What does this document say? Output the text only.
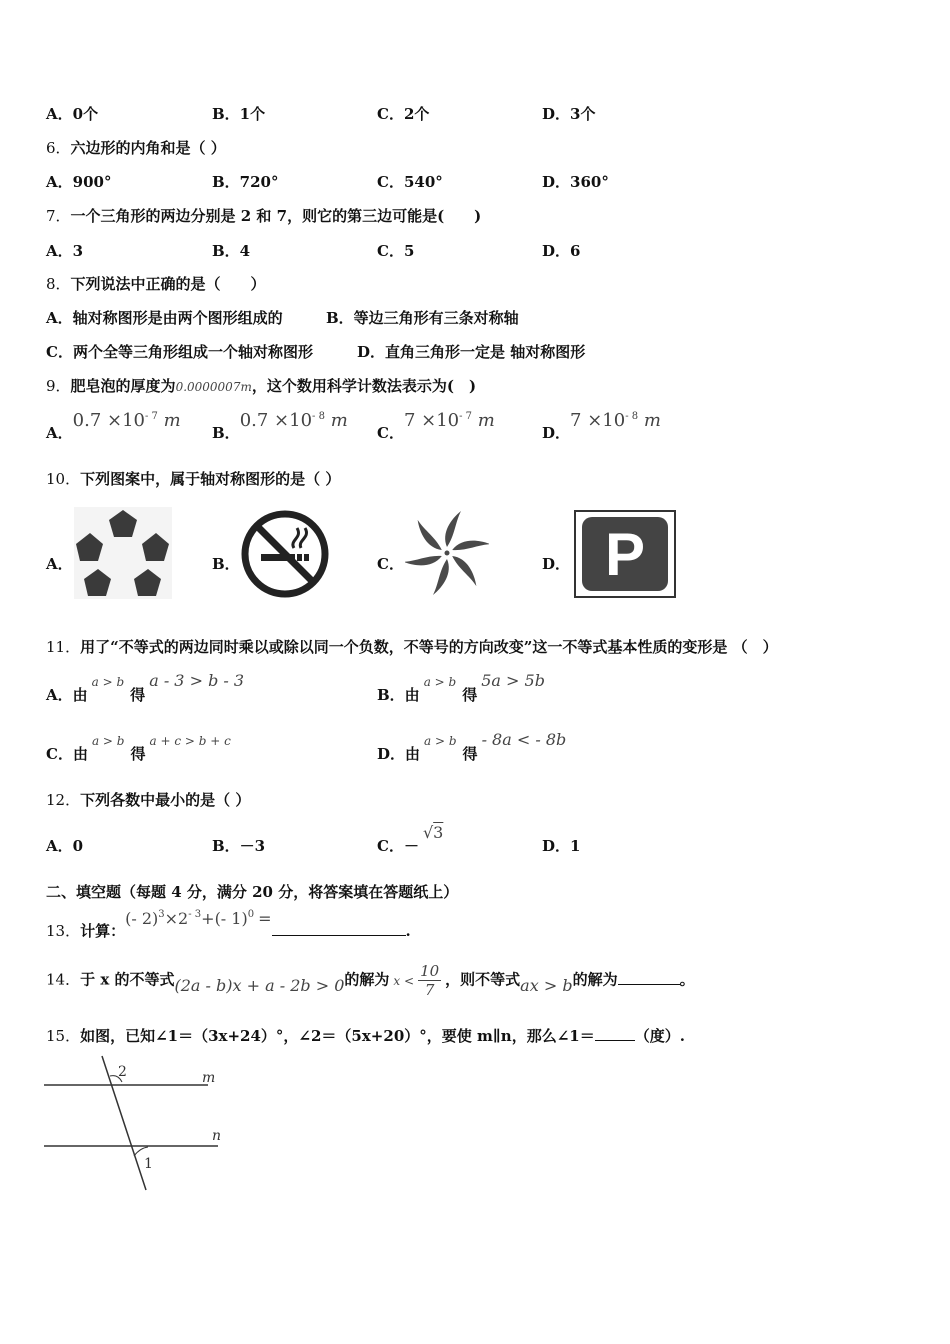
A．0个	B．1个	C．2个	D．3个
6．六边形的内角和是（ ）
A．900°	B．720°	C．540°	D．360°
7．一个三角形的两边分别是 2 和 7，则它的第三边可能是(　　)
A．3	B．4	C．5	D．6
8．下列说法中正确的是（　　）
A．轴对称图形是由两个图形组成的	B．等边三角形有三条对称轴
C．两个全等三角形组成一个轴对称图形	D．直角三角形一定是 轴对称图形
9．肥皂泡的厚度为0.0000007m，这个数用科学计数法表示为(　)
A．$0.7 \times 10^{- 7}$ m
B．$0.7 \times 10^{- 8}$ m
C．$7 \times 10^{- 7}$ m
D．$7 \times 10^{- 8}$ m
10．下列图案中，属于轴对称图形的是（ ）
A．	B．	C．	D． P
11．用了“不等式的两边同时乘以或除以同一个负数，不等号的方向改变”这一不等式基本性质的变形是 （　）
A．由a > b得a - 3 > b - 3
B．由a > b得5a > 5b
C．由a > b得a + c > b + c
D．由a > b得- 8a < - 8b
12．下列各数中最小的是（ ）
A．0	B．－3	C．－√3
D．1
二、填空题（每题 4 分，满分 20 分，将答案填在答题纸上）
13．计算：(- $2)^3\times 2^{- 3}+(-$ 1)$^0$ =.
14．于 x 的不等式(2a - b)x + a - 2b > 0的解为 $x < \frac{10}{7}$ ，则不等式ax > b的解为	。
15．如图，已知∠1＝（3x+24）°，∠2＝（5x+20）°，要使 m∥n，那么∠1＝	（度）.
2
1
m
n
